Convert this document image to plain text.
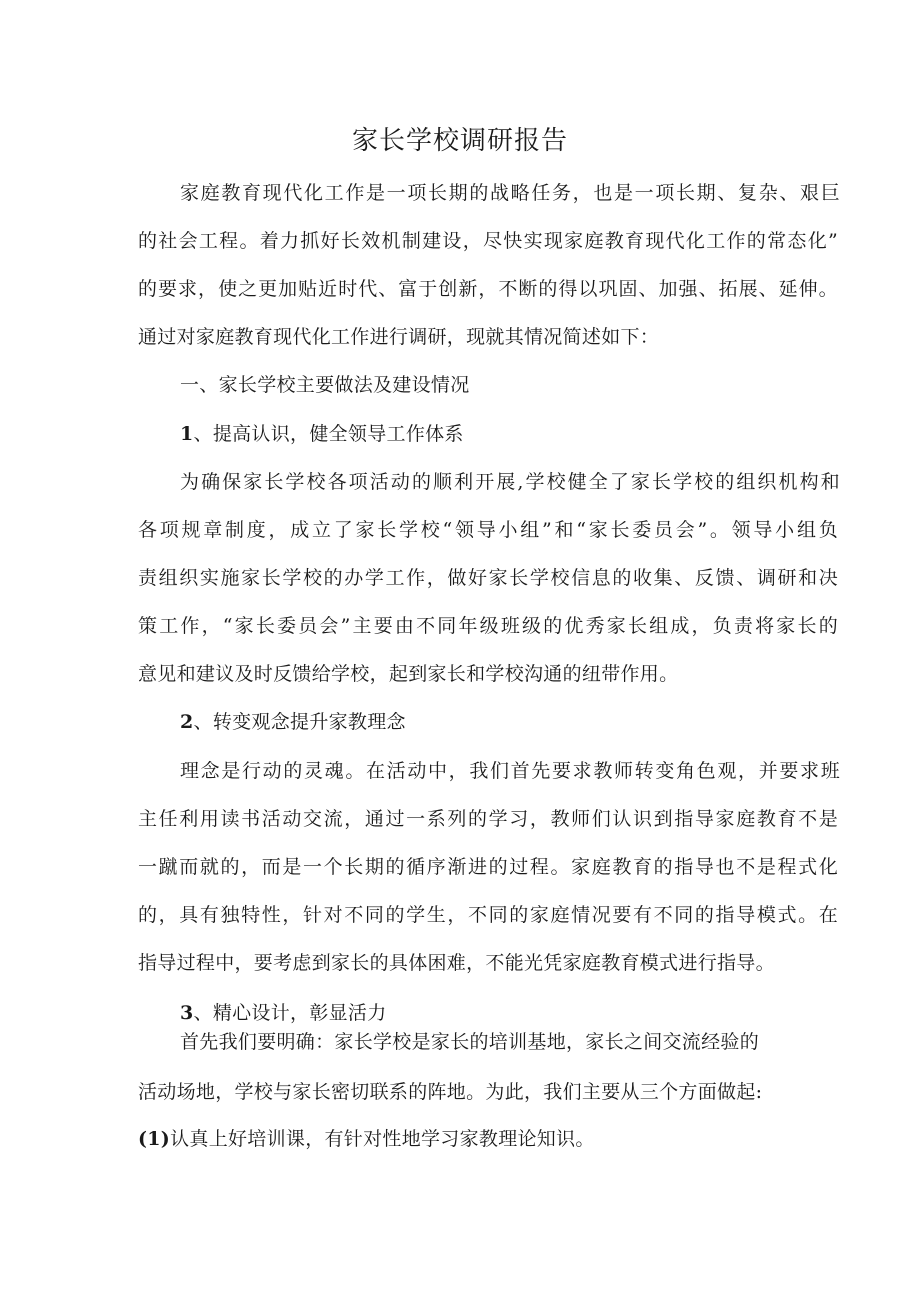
家长学校调研报告
家庭教育现代化工作是一项长期的战略任务，也是一项长期、复杂、艰巨
的社会工程。着力抓好长效机制建设，尽快实现家庭教育现代化工作的常态化”
的要求，使之更加贴近时代、富于创新，不断的得以巩固、加强、拓展、延伸。
通过对家庭教育现代化工作进行调研，现就其情况简述如下：
一、家长学校主要做法及建设情况
1、提高认识，健全领导工作体系
为确保家长学校各项活动的顺利开展,学校健全了家长学校的组织机构和
各项规章制度，成立了家长学校“领导小组”和“家长委员会”。领导小组负
责组织实施家长学校的办学工作，做好家长学校信息的收集、反馈、调研和决
策工作，“家长委员会”主要由不同年级班级的优秀家长组成，负责将家长的
意见和建议及时反馈给学校，起到家长和学校沟通的纽带作用。
2、转变观念提升家教理念
理念是行动的灵魂。在活动中，我们首先要求教师转变角色观，并要求班
主任利用读书活动交流，通过一系列的学习，教师们认识到指导家庭教育不是
一蹴而就的，而是一个长期的循序渐进的过程。家庭教育的指导也不是程式化
的，具有独特性，针对不同的学生，不同的家庭情况要有不同的指导模式。在
指导过程中，要考虑到家长的具体困难，不能光凭家庭教育模式进行指导。
3、精心设计，彰显活力
首先我们要明确：家长学校是家长的培训基地，家长之间交流经验的
活动场地，学校与家长密切联系的阵地。为此，我们主要从三个方面做起:
(1)认真上好培训课，有针对性地学习家教理论知识。
